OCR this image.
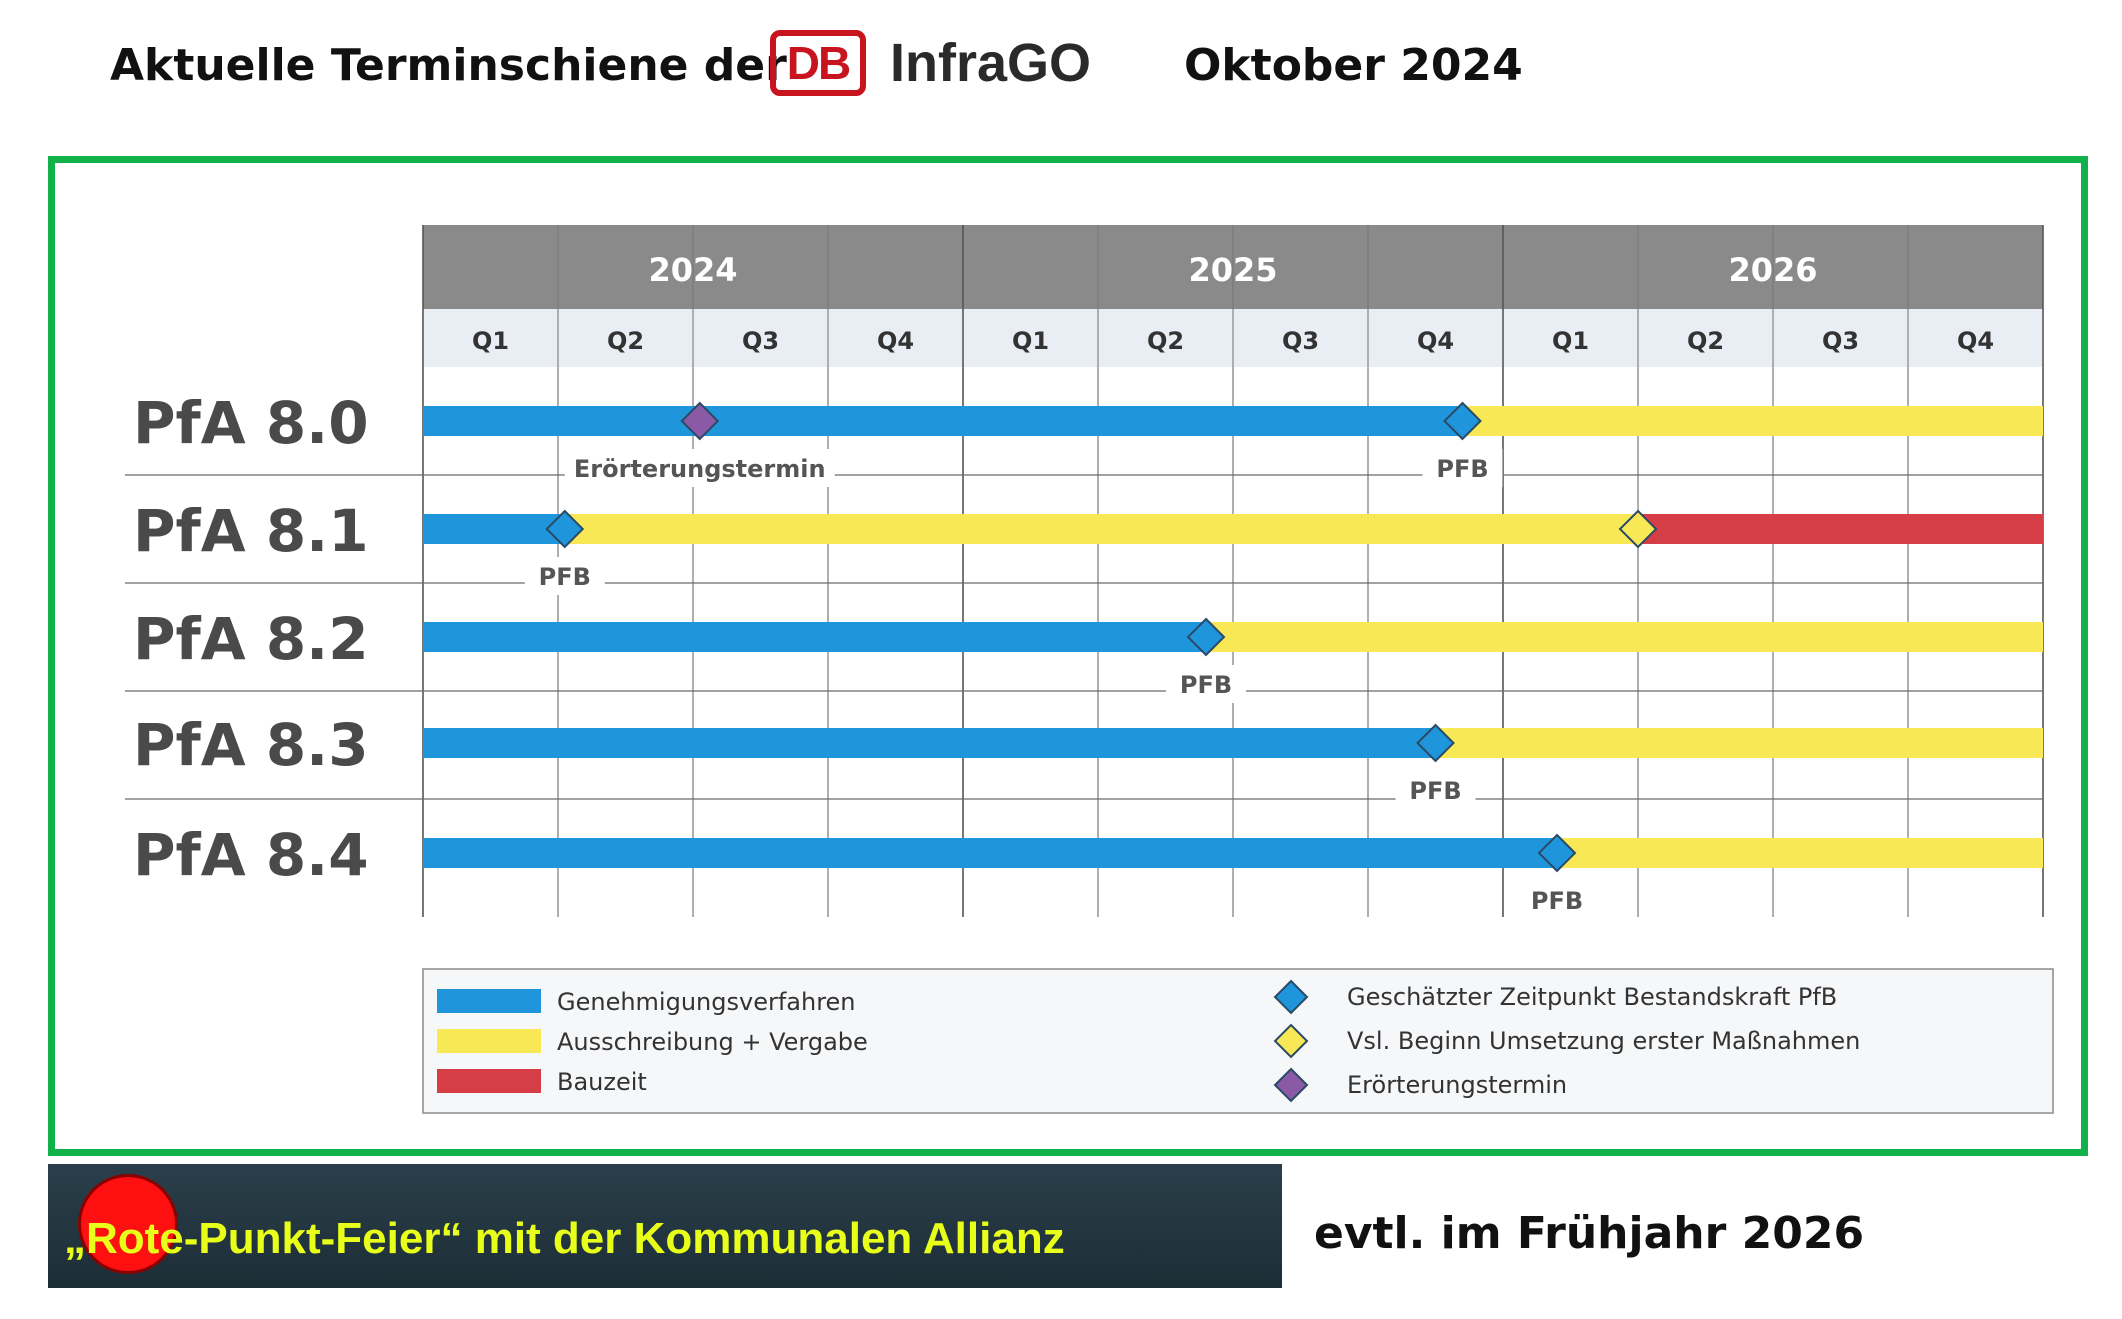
Aktuelle Terminschiene der DB InfraGO Oktober 2024
2024	2025	2026
Q1	Q2	Q3	Q4	Q1	Q2	Q3	Q4	Q1	Q2	Q3	Q4
PfA 8.0
Erörterungstermin	PFB
PfA 8.1
PFB
PfA 8.2
PFB
PfA 8.3
PFB
PfA 8.4
PFB
Genehmigungsverfahren
Ausschreibung + Vergabe
Bauzeit
Geschätzter Zeitpunkt Bestandskraft PfB
Vsl. Beginn Umsetzung erster Maßnahmen
Erörterungstermin
„Rote-Punkt-Feier“ mit der Kommunalen Allianz	evtl. im Frühjahr 2026
